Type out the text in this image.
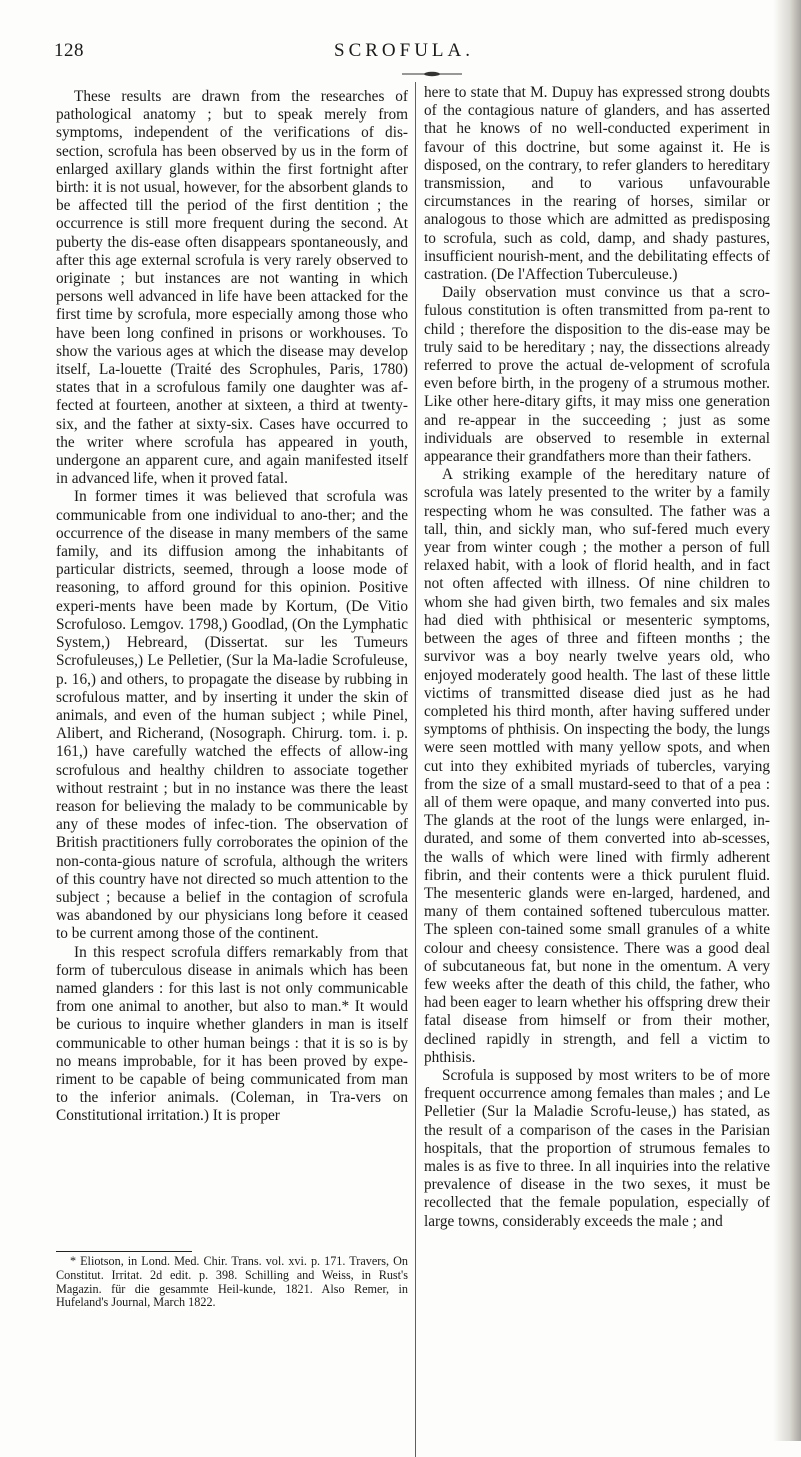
128	SCROFULA.

These results are drawn from the researches of pathological anatomy ; but to speak merely from symptoms, independent of the verifications of dis-section, scrofula has been observed by us in the form of enlarged axillary glands within the first fortnight after birth: it is not usual, however, for the absorbent glands to be affected till the period of the first dentition ; the occurrence is still more frequent during the second. At puberty the dis-ease often disappears spontaneously, and after this age external scrofula is very rarely observed to originate ; but instances are not wanting in which persons well advanced in life have been attacked for the first time by scrofula, more especially among those who have been long confined in prisons or workhouses. To show the various ages at which the disease may develop itself, La-louette (Traité des Scrophules, Paris, 1780) states that in a scrofulous family one daughter was af-fected at fourteen, another at sixteen, a third at twenty-six, and the father at sixty-six. Cases have occurred to the writer where scrofula has appeared in youth, undergone an apparent cure, and again manifested itself in advanced life, when it proved fatal.

In former times it was believed that scrofula was communicable from one individual to ano-ther; and the occurrence of the disease in many members of the same family, and its diffusion among the inhabitants of particular districts, seemed, through a loose mode of reasoning, to afford ground for this opinion. Positive experi-ments have been made by Kortum, (De Vitio Scrofuloso. Lemgov. 1798,) Goodlad, (On the Lymphatic System,) Hebreard, (Dissertat. sur les Tumeurs Scrofuleuses,) Le Pelletier, (Sur la Ma-ladie Scrofuleuse, p. 16,) and others, to propagate the disease by rubbing in scrofulous matter, and by inserting it under the skin of animals, and even of the human subject ; while Pinel, Alibert, and Richerand, (Nosograph. Chirurg. tom. i. p. 161,) have carefully watched the effects of allow-ing scrofulous and healthy children to associate together without restraint ; but in no instance was there the least reason for believing the malady to be communicable by any of these modes of infec-tion. The observation of British practitioners fully corroborates the opinion of the non-conta-gious nature of scrofula, although the writers of this country have not directed so much attention to the subject ; because a belief in the contagion of scrofula was abandoned by our physicians long before it ceased to be current among those of the continent.

In this respect scrofula differs remarkably from that form of tuberculous disease in animals which has been named glanders : for this last is not only communicable from one animal to another, but also to man.* It would be curious to inquire whether glanders in man is itself communicable to other human beings : that it is so is by no means improbable, for it has been proved by expe-riment to be capable of being communicated from man to the inferior animals. (Coleman, in Tra-vers on Constitutional irritation.) It is proper

* Eliotson, in Lond. Med. Chir. Trans. vol. xvi. p. 171. Travers, On Constitut. Irritat. 2d edit. p. 398. Schilling and Weiss, in Rust's Magazin. für die gesammte Heil-kunde, 1821. Also Remer, in Hufeland's Journal, March 1822.

here to state that M. Dupuy has expressed strong doubts of the contagious nature of glanders, and has asserted that he knows of no well-conducted experiment in favour of this doctrine, but some against it. He is disposed, on the contrary, to refer glanders to hereditary transmission, and to various unfavourable circumstances in the rearing of horses, similar or analogous to those which are admitted as predisposing to scrofula, such as cold, damp, and shady pastures, insufficient nourish-ment, and the debilitating effects of castration. (De l'Affection Tuberculeuse.)

Daily observation must convince us that a scro-fulous constitution is often transmitted from pa-rent to child ; therefore the disposition to the dis-ease may be truly said to be hereditary ; nay, the dissections already referred to prove the actual de-velopment of scrofula even before birth, in the progeny of a strumous mother. Like other here-ditary gifts, it may miss one generation and re-appear in the succeeding ; just as some individuals are observed to resemble in external appearance their grandfathers more than their fathers.

A striking example of the hereditary nature of scrofula was lately presented to the writer by a family respecting whom he was consulted. The father was a tall, thin, and sickly man, who suf-fered much every year from winter cough ; the mother a person of full relaxed habit, with a look of florid health, and in fact not often affected with illness. Of nine children to whom she had given birth, two females and six males had died with phthisical or mesenteric symptoms, between the ages of three and fifteen months ; the survivor was a boy nearly twelve years old, who enjoyed moderately good health. The last of these little victims of transmitted disease died just as he had completed his third month, after having suffered under symptoms of phthisis. On inspecting the body, the lungs were seen mottled with many yellow spots, and when cut into they exhibited myriads of tubercles, varying from the size of a small mustard-seed to that of a pea : all of them were opaque, and many converted into pus. The glands at the root of the lungs were enlarged, in-durated, and some of them converted into ab-scesses, the walls of which were lined with firmly adherent fibrin, and their contents were a thick purulent fluid. The mesenteric glands were en-larged, hardened, and many of them contained softened tuberculous matter. The spleen con-tained some small granules of a white colour and cheesy consistence. There was a good deal of subcutaneous fat, but none in the omentum. A very few weeks after the death of this child, the father, who had been eager to learn whether his offspring drew their fatal disease from himself or from their mother, declined rapidly in strength, and fell a victim to phthisis.

Scrofula is supposed by most writers to be of more frequent occurrence among females than males ; and Le Pelletier (Sur la Maladie Scrofu-leuse,) has stated, as the result of a comparison of the cases in the Parisian hospitals, that the proportion of strumous females to males is as five to three. In all inquiries into the relative prevalence of disease in the two sexes, it must be recollected that the female population, especially of large towns, considerably exceeds the male ; and
